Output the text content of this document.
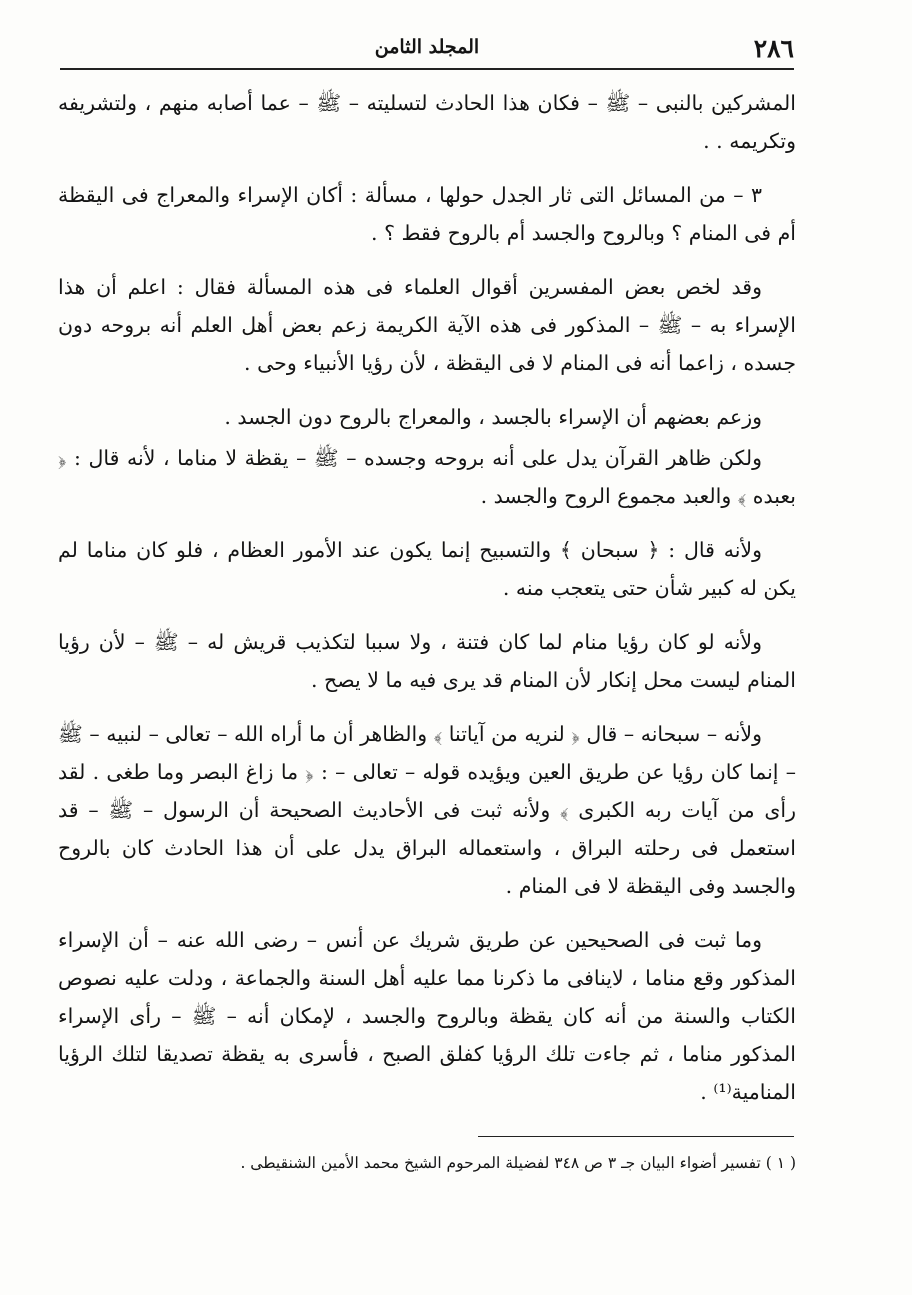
٢٨٦
المجلد الثامن

المشركين بالنبى – ﷺ – فكان هذا الحادث لتسليته – ﷺ – عما أصابه منهم ، ولتشريفه وتكريمه . .

٣ – من المسائل التى ثار الجدل حولها ، مسألة : أكان الإسراء والمعراج فى اليقظة أم فى المنام ؟ وبالروح والجسد أم بالروح فقط ؟ .

وقد لخص بعض المفسرين أقوال العلماء فى هذه المسألة فقال : اعلم أن هذا الإسراء به – ﷺ – المذكور فى هذه الآية الكريمة زعم بعض أهل العلم أنه بروحه دون جسده ، زاعما أنه فى المنام لا فى اليقظة ، لأن رؤيا الأنبياء وحى .

وزعم بعضهم أن الإسراء بالجسد ، والمعراج بالروح دون الجسد .

ولكن ظاهر القرآن يدل على أنه بروحه وجسده – ﷺ – يقظة لا مناما ، لأنه قال : ﴿ بعبده ﴾ والعبد مجموع الروح والجسد .

ولأنه قال : ﴿ سبحان ﴾ والتسبيح إنما يكون عند الأمور العظام ، فلو كان مناما لم يكن له كبير شأن حتى يتعجب منه .

ولأنه لو كان رؤيا منام لما كان فتنة ، ولا سببا لتكذيب قريش له – ﷺ – لأن رؤيا المنام ليست محل إنكار لأن المنام قد يرى فيه ما لا يصح .

ولأنه – سبحانه – قال ﴿ لنريه من آياتنا ﴾ والظاهر أن ما أراه الله – تعالى – لنبيه – ﷺ – إنما كان رؤيا عن طريق العين ويؤيده قوله – تعالى – : ﴿ ما زاغ البصر وما طغى . لقد رأى من آيات ربه الكبرى ﴾ ولأنه ثبت فى الأحاديث الصحيحة أن الرسول – ﷺ – قد استعمل فى رحلته البراق ، واستعماله البراق يدل على أن هذا الحادث كان بالروح والجسد وفى اليقظة لا فى المنام .

وما ثبت فى الصحيحين عن طريق شريك عن أنس – رضى الله عنه – أن الإسراء المذكور وقع مناما ، لاينافى ما ذكرنا مما عليه أهل السنة والجماعة ، ودلت عليه نصوص الكتاب والسنة من أنه كان يقظة وبالروح والجسد ، لإمكان أنه – ﷺ – رأى الإسراء المذكور مناما ، ثم جاءت تلك الرؤيا كفلق الصبح ، فأسرى به يقظة تصديقا لتلك الرؤيا المنامية⁽¹⁾ .

( ١ ) تفسير أضواء البيان جـ ٣ ص ٣٤٨ لفضيلة المرحوم الشيخ محمد الأمين الشنقيطى .
